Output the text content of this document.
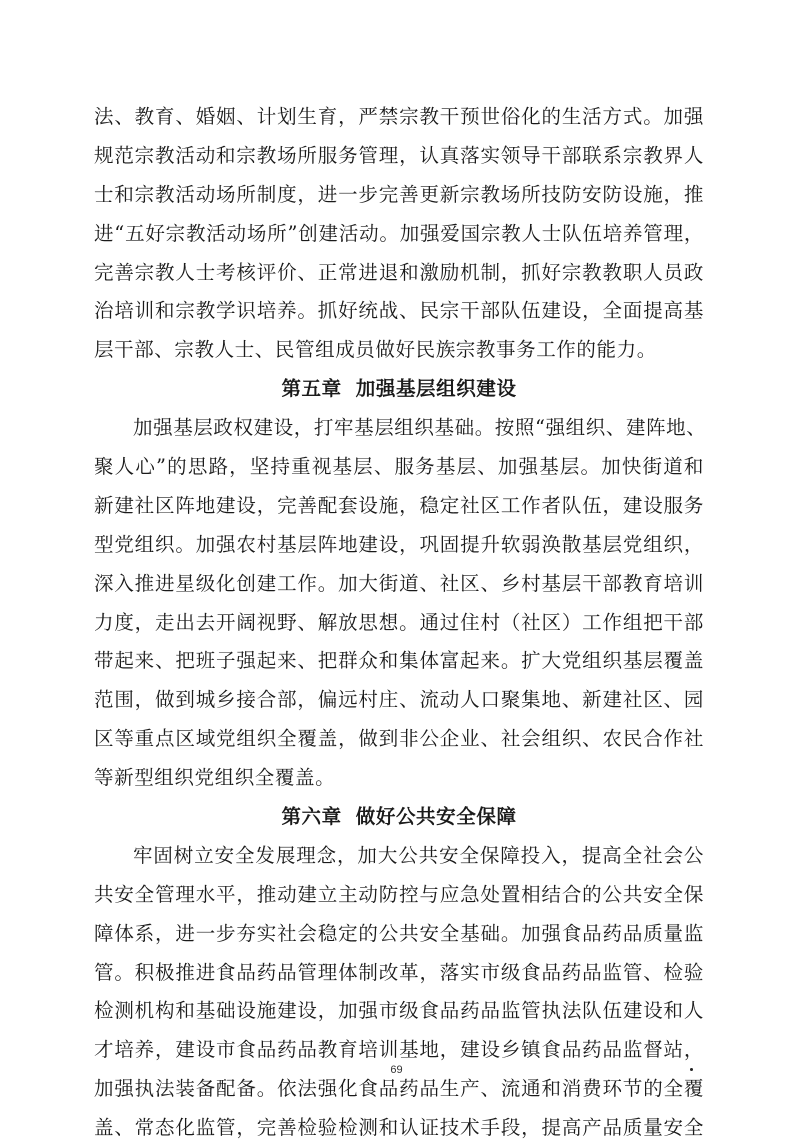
法、教育、婚姻、计划生育，严禁宗教干预世俗化的生活方式。加强
规范宗教活动和宗教场所服务管理，认真落实领导干部联系宗教界人
士和宗教活动场所制度，进一步完善更新宗教场所技防安防设施，推
进“五好宗教活动场所”创建活动。加强爱国宗教人士队伍培养管理，
完善宗教人士考核评价、正常进退和激励机制，抓好宗教教职人员政
治培训和宗教学识培养。抓好统战、民宗干部队伍建设，全面提高基
层干部、宗教人士、民管组成员做好民族宗教事务工作的能力。
第五章 加强基层组织建设
加强基层政权建设，打牢基层组织基础。按照“强组织、建阵地、
聚人心”的思路，坚持重视基层、服务基层、加强基层。加快街道和
新建社区阵地建设，完善配套设施，稳定社区工作者队伍，建设服务
型党组织。加强农村基层阵地建设，巩固提升软弱涣散基层党组织，
深入推进星级化创建工作。加大街道、社区、乡村基层干部教育培训
力度，走出去开阔视野、解放思想。通过住村（社区）工作组把干部
带起来、把班子强起来、把群众和集体富起来。扩大党组织基层覆盖
范围，做到城乡接合部，偏远村庄、流动人口聚集地、新建社区、园
区等重点区域党组织全覆盖，做到非公企业、社会组织、农民合作社
等新型组织党组织全覆盖。
第六章 做好公共安全保障
牢固树立安全发展理念，加大公共安全保障投入，提高全社会公
共安全管理水平，推动建立主动防控与应急处置相结合的公共安全保
障体系，进一步夯实社会稳定的公共安全基础。加强食品药品质量监
管。积极推进食品药品管理体制改革，落实市级食品药品监管、检验
检测机构和基础设施建设，加强市级食品药品监管执法队伍建设和人
才培养，建设市食品药品教育培训基地，建设乡镇食品药品监督站，
加强执法装备配备。依法强化食品药品生产、流通和消费环节的全覆
盖、常态化监管，完善检验检测和认证技术手段，提高产品质量安全
69
